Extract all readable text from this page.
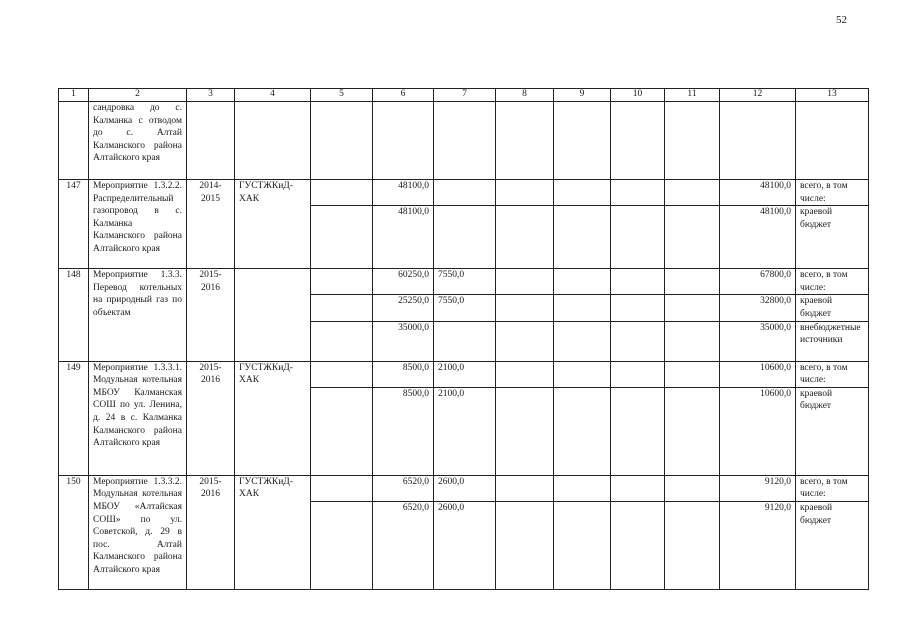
52
1	2	3	4	5	6	7	8	9	10	11	12	13
	сандровка до с. Калманка с отводом до с. Алтай Калманского района Алтайского края											
147	Мероприятие 1.3.2.2. Распределительный газопровод в с. Калманка Калманского района Алтайского края	2014-2015	ГУСТЖКиД-ХАК		48100,0						48100,0	всего, в том числе:
					48100,0						48100,0	краевой бюджет
148	Мероприятие 1.3.3. Перевод котельных на природный газ по объектам	2015-2016			60250,0	7550,0					67800,0	всего, в том числе:
					25250,0	7550,0					32800,0	краевой бюджет
					35000,0						35000,0	внебюджетные источники
149	Мероприятие 1.3.3.1. Модульная котельная МБОУ Калманская СОШ по ул. Ленина, д. 24 в с. Калманка Калманского района Алтайского края	2015-2016	ГУСТЖКиД-ХАК		8500,0	2100,0					10600,0	всего, в том числе:
					8500,0	2100,0					10600,0	краевой бюджет
150	Мероприятие 1.3.3.2. Модульная котельная МБОУ «Алтайская СОШ» по ул. Советской, д. 29 в пос. Алтай Калманского района Алтайского края	2015-2016	ГУСТЖКиД-ХАК		6520,0	2600,0					9120,0	всего, в том числе:
					6520,0	2600,0					9120,0	краевой бюджет
